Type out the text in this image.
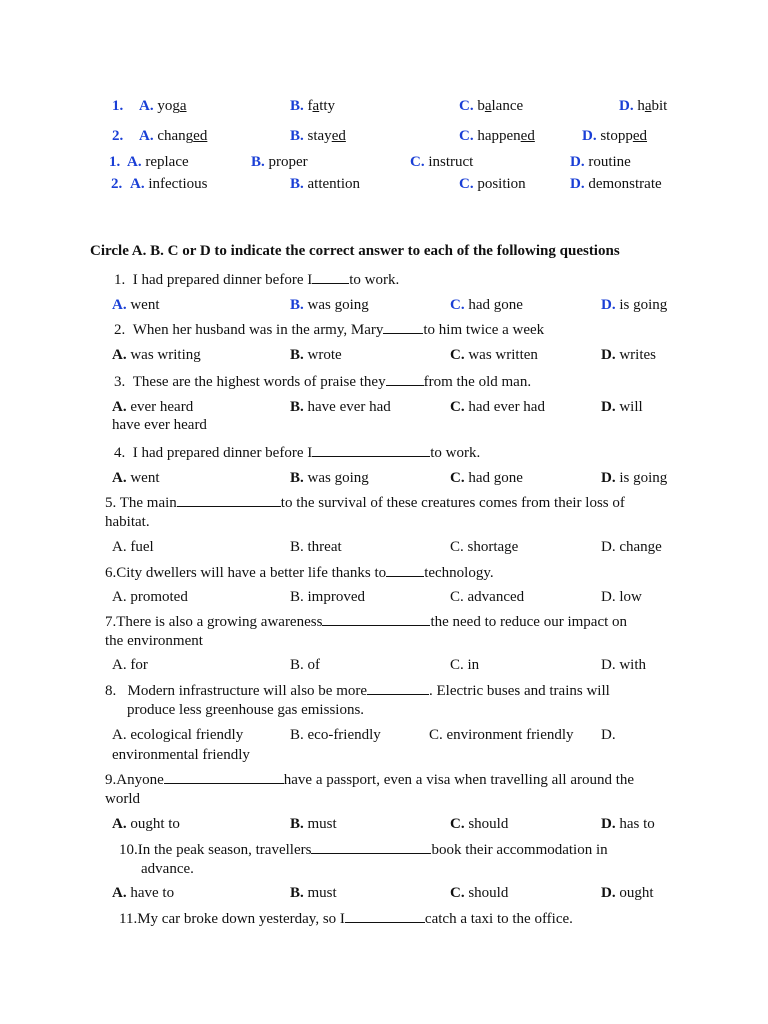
1. A. yoga	B. fatty	C. balance	D. habit
2. A. changed	B. stayed	C. happened	D. stopped
1. A. replace	B. proper	C. instruct	D. routine
2. A. infectious	B. attention	C. position	D. demonstrate
Circle A. B. C or D to indicate the correct answer to each of the following questions
1. I had prepared dinner before I to work.
A. went	B. was going	C. had gone	D. is going
2. When her husband was in the army, Mary	to him twice a week
A. was writing	B. wrote	C. was written	D. writes
3. These are the highest words of praise they	from the old man.
A. ever heard	B. have ever had	C. had ever had	D. will
have ever heard
4. I had prepared dinner before I	to work.
A. went	B. was going	C. had gone	D. is going
5. The main	to the survival of these creatures comes from their loss of
habitat.
A. fuel	B. threat	C. shortage	D. change
6.City dwellers will have a better life thanks to	technology.
A. promoted	B. improved	C. advanced	D. low
7.There is also a growing awareness	the need to reduce our impact on
the environment
A. for	B. of	C. in	D. with
8. Modern infrastructure will also be more	. Electric buses and trains will
produce less greenhouse gas emissions.
A. ecological friendly	B. eco-friendly	C. environment friendly D.
environmental friendly
9.Anyone	have a passport, even a visa when travelling all around the
world
A. ought to	B. must	C. should	D. has to
10.In the peak season, travellers	book their accommodation in
advance.
A. have to	B. must	C. should	D. ought
11.My car broke down yesterday, so I	catch a taxi to the office.
